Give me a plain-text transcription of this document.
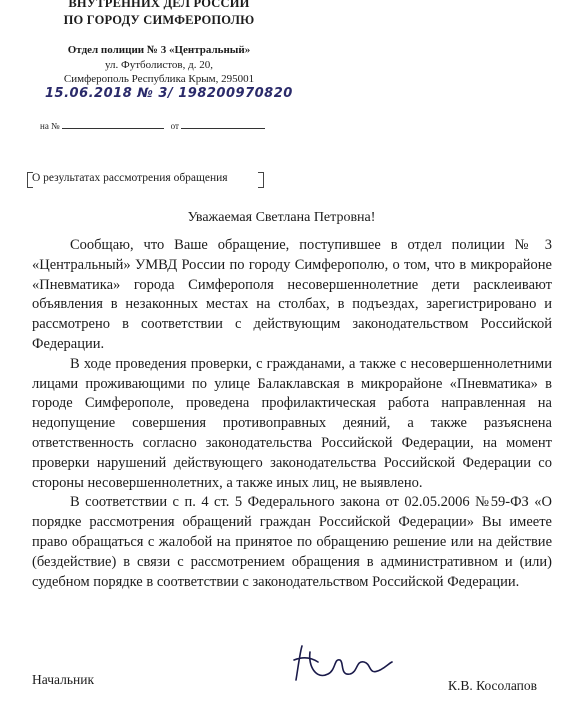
ВНУТРЕННИХ ДЕЛ РОССИИ
ПО ГОРОДУ СИМФЕРОПОЛЮ
Отдел полиции № 3 «Центральный»
ул. Футболистов, д. 20,
Симферополь Республика Крым, 295001
15.06.2018 № 3/ 198200970820
на №	от
О результатах рассмотрения обращения
Уважаемая Светлана Петровна!

Сообщаю, что Ваше обращение, поступившее в отдел полиции № 3 «Центральный» УМВД России по городу Симферополю, о том, что в микрорайоне «Пневматика» города Симферополя несовершеннолетние дети расклеивают объявления в незаконных местах на столбах, в подъездах, зарегистрировано и рассмотрено в соответствии с действующим законодательством Российской Федерации.

В ходе проведения проверки, с гражданами, а также с несовершеннолетними лицами проживающими по улице Балаклавская в микрорайоне «Пневматика» в городе Симферополе, проведена профилактическая работа направленная на недопущение совершения противоправных деяний, а также разъяснена ответственность согласно законодательства Российской Федерации, на момент проверки нарушений действующего законодательства Российской Федерации со стороны несовершеннолетних, а также иных лиц, не выявлено.

В соответствии с п. 4 ст. 5 Федерального закона от 02.05.2006 №59-ФЗ «О порядке рассмотрения обращений граждан Российской Федерации» Вы имеете право обращаться с жалобой на принятое по обращению решение или на действие (бездействие) в связи с рассмотрением обращения в административном и (или) судебном порядке в соответствии с законодательством Российской Федерации.

Начальник	К.В. Косолапов
